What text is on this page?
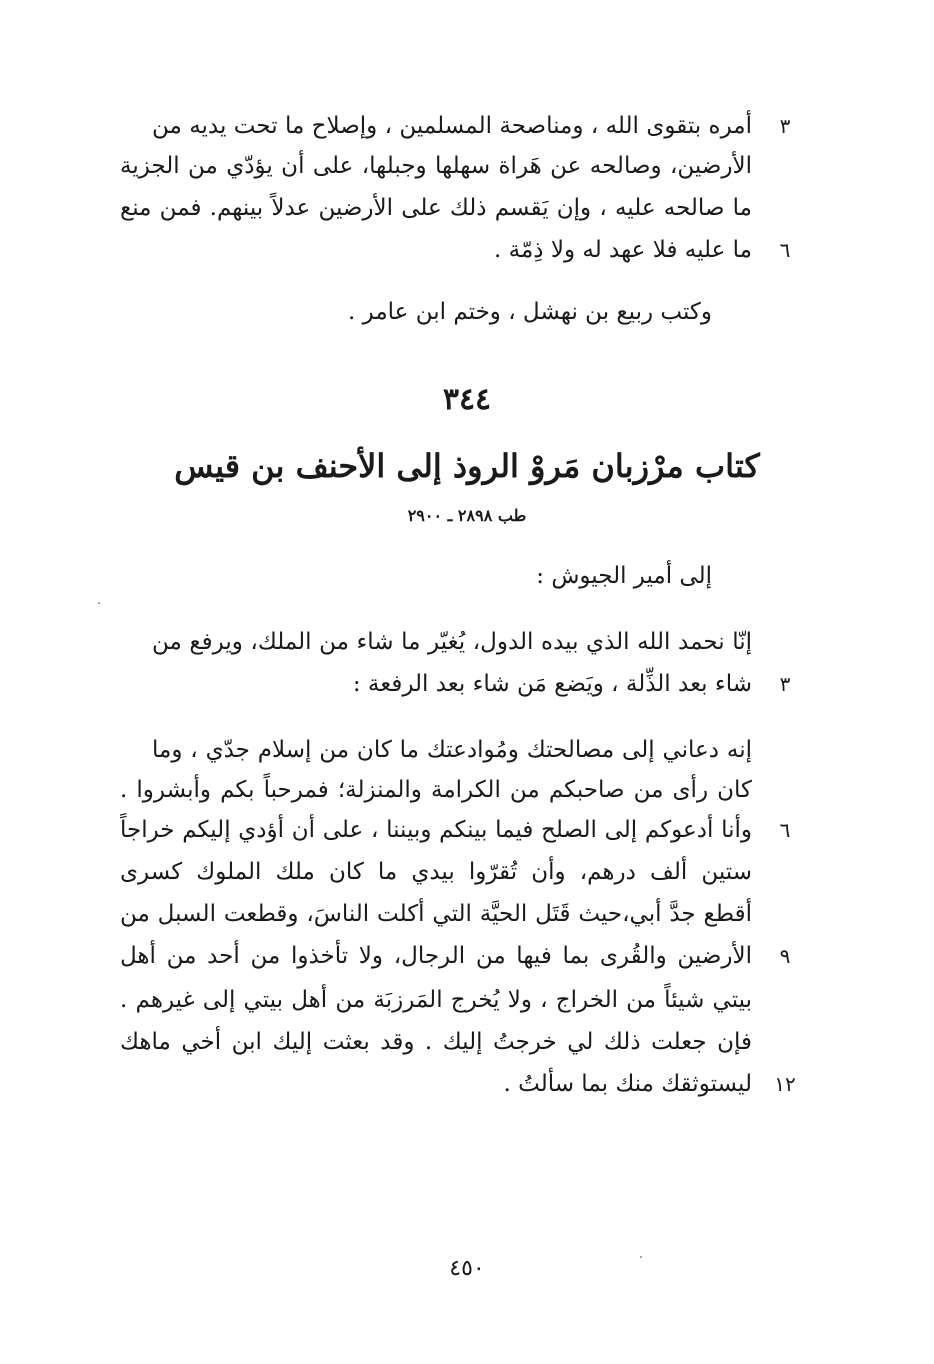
أمره بتقوى الله ، ومناصحة المسلمين ، وإصلاح ما تحت يديه من	٣
الأرضين، وصالحه عن هَراة سهلها وجبلها، على أن يؤدّي من الجزية
ما صالحه عليه ، وإن يَقسم ذلك على الأرضين عدلاً بينهم. فمن منع
ما عليه فلا عهد له ولا ذِمّة .	٦
وكتب ربيع بن نهشل ، وختم ابن عامر .
٣٤٤
كتاب مرْزبان مَروْ الروذ إلى الأحنف بن قيس
طب ٢٨٩٨ ـ ٢٩٠٠
إلى أمير الجيوش :
إنّا نحمد الله الذي بيده الدول، يُغيّر ما شاء من الملك، ويرفع من
شاء بعد الذِّلة ، ويَضع مَن شاء بعد الرفعة :	٣
إنه دعاني إلى مصالحتك ومُوادعتك ما كان من إسلام جدّي ، وما
كان رأى من صاحبكم من الكرامة والمنزلة؛ فمرحباً بكم وأبشروا .
وأنا أدعوكم إلى الصلح فيما بينكم وبيننا ، على أن أؤدي إليكم خراجاً	٦
ستين ألف درهم، وأن تُقرّوا بيدي ما كان ملك الملوك كسرى
أقطع جدَّ أبي،حيث قَتَل الحيَّة التي أكلت الناسَ، وقطعت السبل من
الأرضين والقُرى بما فيها من الرجال، ولا تأخذوا من أحد من أهل	٩
بيتي شيئاً من الخراج ، ولا يُخرج المَرزبَة من أهل بيتي إلى غيرهم .
فإن جعلت ذلك لي خرجتُ إليك . وقد بعثت إليك ابن أخي ماهك
ليستوثقك منك بما سألتُ . ١٢
٤٥٠
